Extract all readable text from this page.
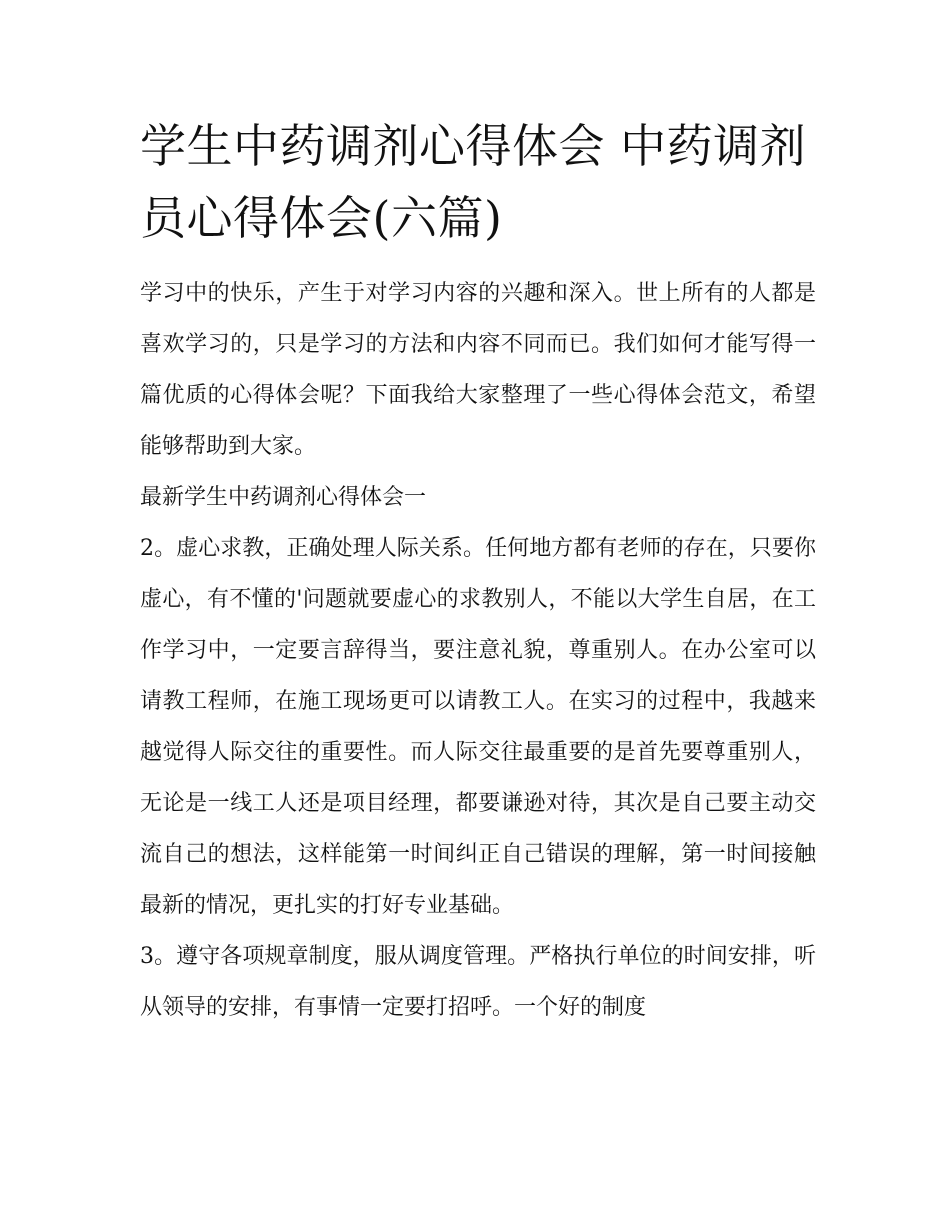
学生中药调剂心得体会 中药调剂员心得体会(六篇)

学习中的快乐，产生于对学习内容的兴趣和深入。世上所有的人都是喜欢学习的，只是学习的方法和内容不同而已。我们如何才能写得一篇优质的心得体会呢？下面我给大家整理了一些心得体会范文，希望能够帮助到大家。

最新学生中药调剂心得体会一

2。虚心求教，正确处理人际关系。任何地方都有老师的存在，只要你虚心，有不懂的'问题就要虚心的求教别人，不能以大学生自居，在工作学习中，一定要言辞得当，要注意礼貌，尊重别人。在办公室可以请教工程师，在施工现场更可以请教工人。在实习的过程中，我越来越觉得人际交往的重要性。而人际交往最重要的是首先要尊重别人，无论是一线工人还是项目经理，都要谦逊对待，其次是自己要主动交流自己的想法，这样能第一时间纠正自己错误的理解，第一时间接触最新的情况，更扎实的打好专业基础。

3。遵守各项规章制度，服从调度管理。严格执行单位的时间安排，听从领导的安排，有事情一定要打招呼。一个好的制度
